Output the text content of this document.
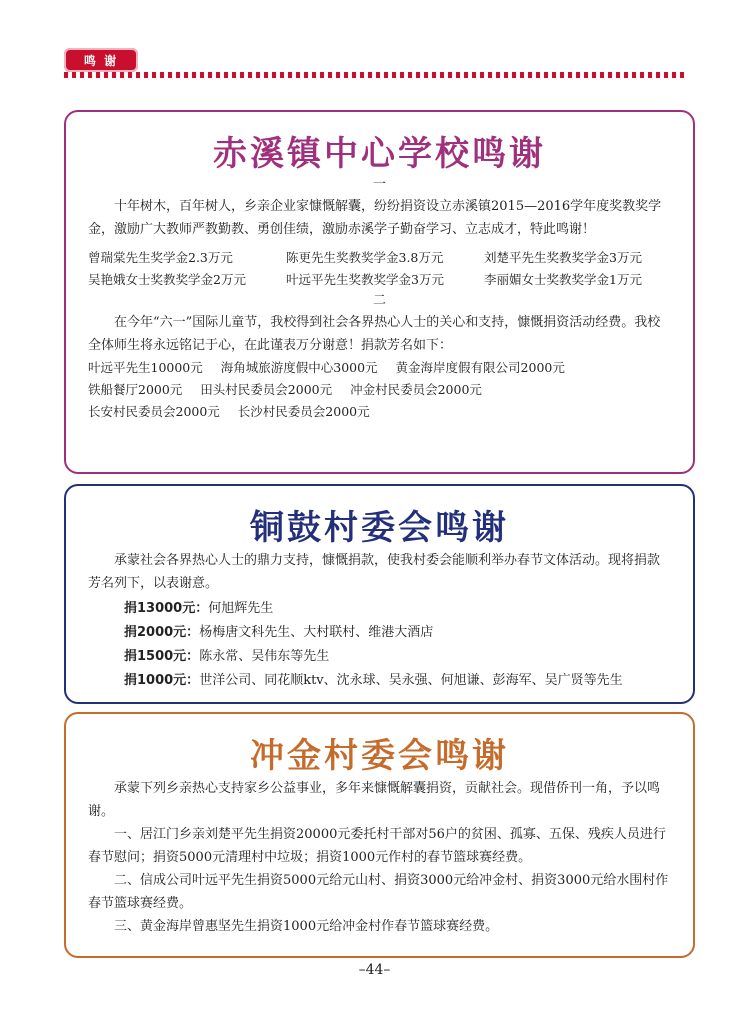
鸣 谢
赤溪镇中心学校鸣谢
一

十年树木，百年树人，乡亲企业家慷慨解囊，纷纷捐资设立赤溪镇2015—2016学年度奖教奖学金，激励广大教师严教勤教、勇创佳绩，激励赤溪学子勤奋学习、立志成才，特此鸣谢！

曾瑞棠先生奖学金2.3万元	陈更先生奖教奖学金3.8万元	刘楚平先生奖教奖学金3万元
吴艳娥女士奖教奖学金2万元	叶远平先生奖教奖学金3万元	李丽媚女士奖教奖学金1万元
二

在今年“六一”国际儿童节，我校得到社会各界热心人士的关心和支持，慷慨捐资活动经费。我校全体师生将永远铭记于心，在此谨表万分谢意！捐款芳名如下：

叶远平先生10000元 海角城旅游度假中心3000元 黄金海岸度假有限公司2000元
铁船餐厅2000元 田头村民委员会2000元 冲金村民委员会2000元
长安村民委员会2000元 长沙村民委员会2000元
铜鼓村委会鸣谢

承蒙社会各界热心人士的鼎力支持，慷慨捐款，使我村委会能顺利举办春节文体活动。现将捐款芳名列下，以表谢意。

捐13000元：何旭辉先生
捐2000元：杨梅唐文科先生、大村联村、维港大酒店
捐1500元：陈永常、吴伟东等先生
捐1000元：世洋公司、同花顺ktv、沈永球、吴永强、何旭谦、彭海军、吴广贤等先生
冲金村委会鸣谢

承蒙下列乡亲热心支持家乡公益事业，多年来慷慨解囊捐资，贡献社会。现借侨刊一角，予以鸣谢。

一、居江门乡亲刘楚平先生捐资20000元委托村干部对56户的贫困、孤寡、五保、残疾人员进行春节慰问；捐资5000元清理村中垃圾；捐资1000元作村的春节篮球赛经费。

二、信成公司叶远平先生捐资5000元给元山村、捐资3000元给冲金村、捐资3000元给水围村作春节篮球赛经费。

三、黄金海岸曾惠坚先生捐资1000元给冲金村作春节篮球赛经费。

–44–
